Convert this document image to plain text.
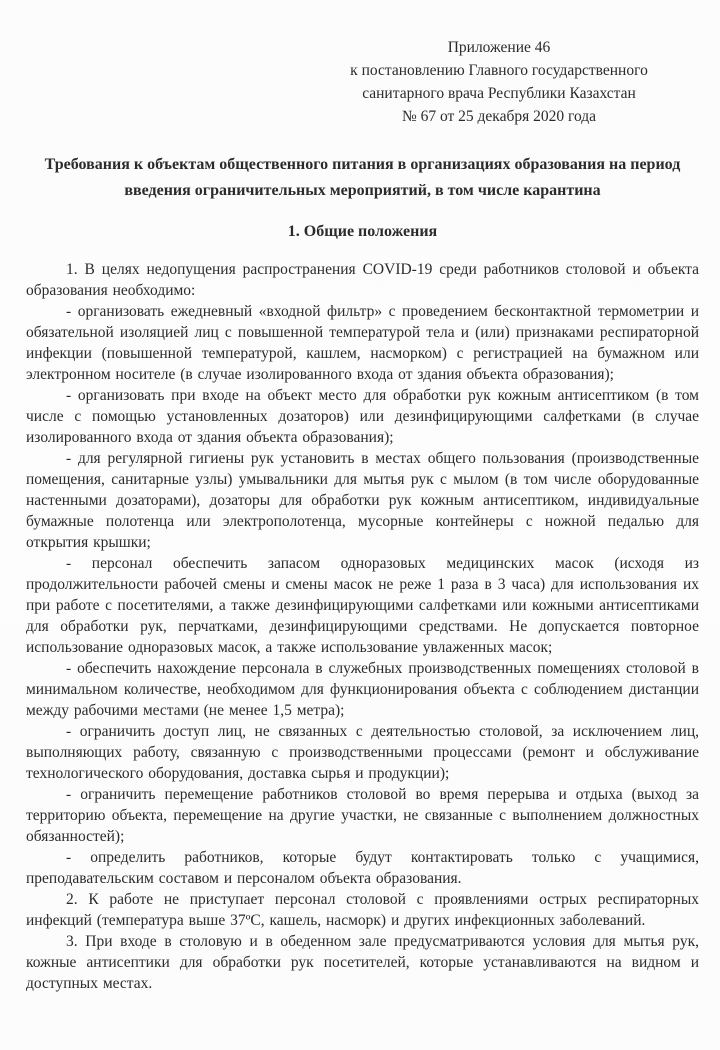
Приложение 46
к постановлению Главного государственного
санитарного врача Республики Казахстан
№ 67 от 25 декабря 2020 года
Требования к объектам общественного питания в организациях образования на период введения ограничительных мероприятий, в том числе карантина
1. Общие положения

1. В целях недопущения распространения COVID-19 среди работников столовой и объекта образования необходимо:

- организовать ежедневный «входной фильтр» с проведением бесконтактной термометрии и обязательной изоляцией лиц с повышенной температурой тела и (или) признаками респираторной инфекции (повышенной температурой, кашлем, насморком) с регистрацией на бумажном или электронном носителе (в случае изолированного входа от здания объекта образования);

- организовать при входе на объект место для обработки рук кожным антисептиком (в том числе с помощью установленных дозаторов) или дезинфицирующими салфетками (в случае изолированного входа от здания объекта образования);

- для регулярной гигиены рук установить в местах общего пользования (производственные помещения, санитарные узлы) умывальники для мытья рук с мылом (в том числе оборудованные настенными дозаторами), дозаторы для обработки рук кожным антисептиком, индивидуальные бумажные полотенца или электрополотенца, мусорные контейнеры с ножной педалью для открытия крышки;

- персонал обеспечить запасом одноразовых медицинских масок (исходя из продолжительности рабочей смены и смены масок не реже 1 раза в 3 часа) для использования их при работе с посетителями, а также дезинфицирующими салфетками или кожными антисептиками для обработки рук, перчатками, дезинфицирующими средствами. Не допускается повторное использование одноразовых масок, а также использование увлаженных масок;

- обеспечить нахождение персонала в служебных производственных помещениях столовой в минимальном количестве, необходимом для функционирования объекта с соблюдением дистанции между рабочими местами (не менее 1,5 метра);

- ограничить доступ лиц, не связанных с деятельностью столовой, за исключением лиц, выполняющих работу, связанную с производственными процессами (ремонт и обслуживание технологического оборудования, доставка сырья и продукции);

- ограничить перемещение работников столовой во время перерыва и отдыха (выход за территорию объекта, перемещение на другие участки, не связанные с выполнением должностных обязанностей);

- определить работников, которые будут контактировать только с учащимися, преподавательским составом и персоналом объекта образования.

2. К работе не приступает персонал столовой с проявлениями острых респираторных инфекций (температура выше 37ºС, кашель, насморк) и других инфекционных заболеваний.

3. При входе в столовую и в обеденном зале предусматриваются условия для мытья рук, кожные антисептики для обработки рук посетителей, которые устанавливаются на видном и доступных местах.
